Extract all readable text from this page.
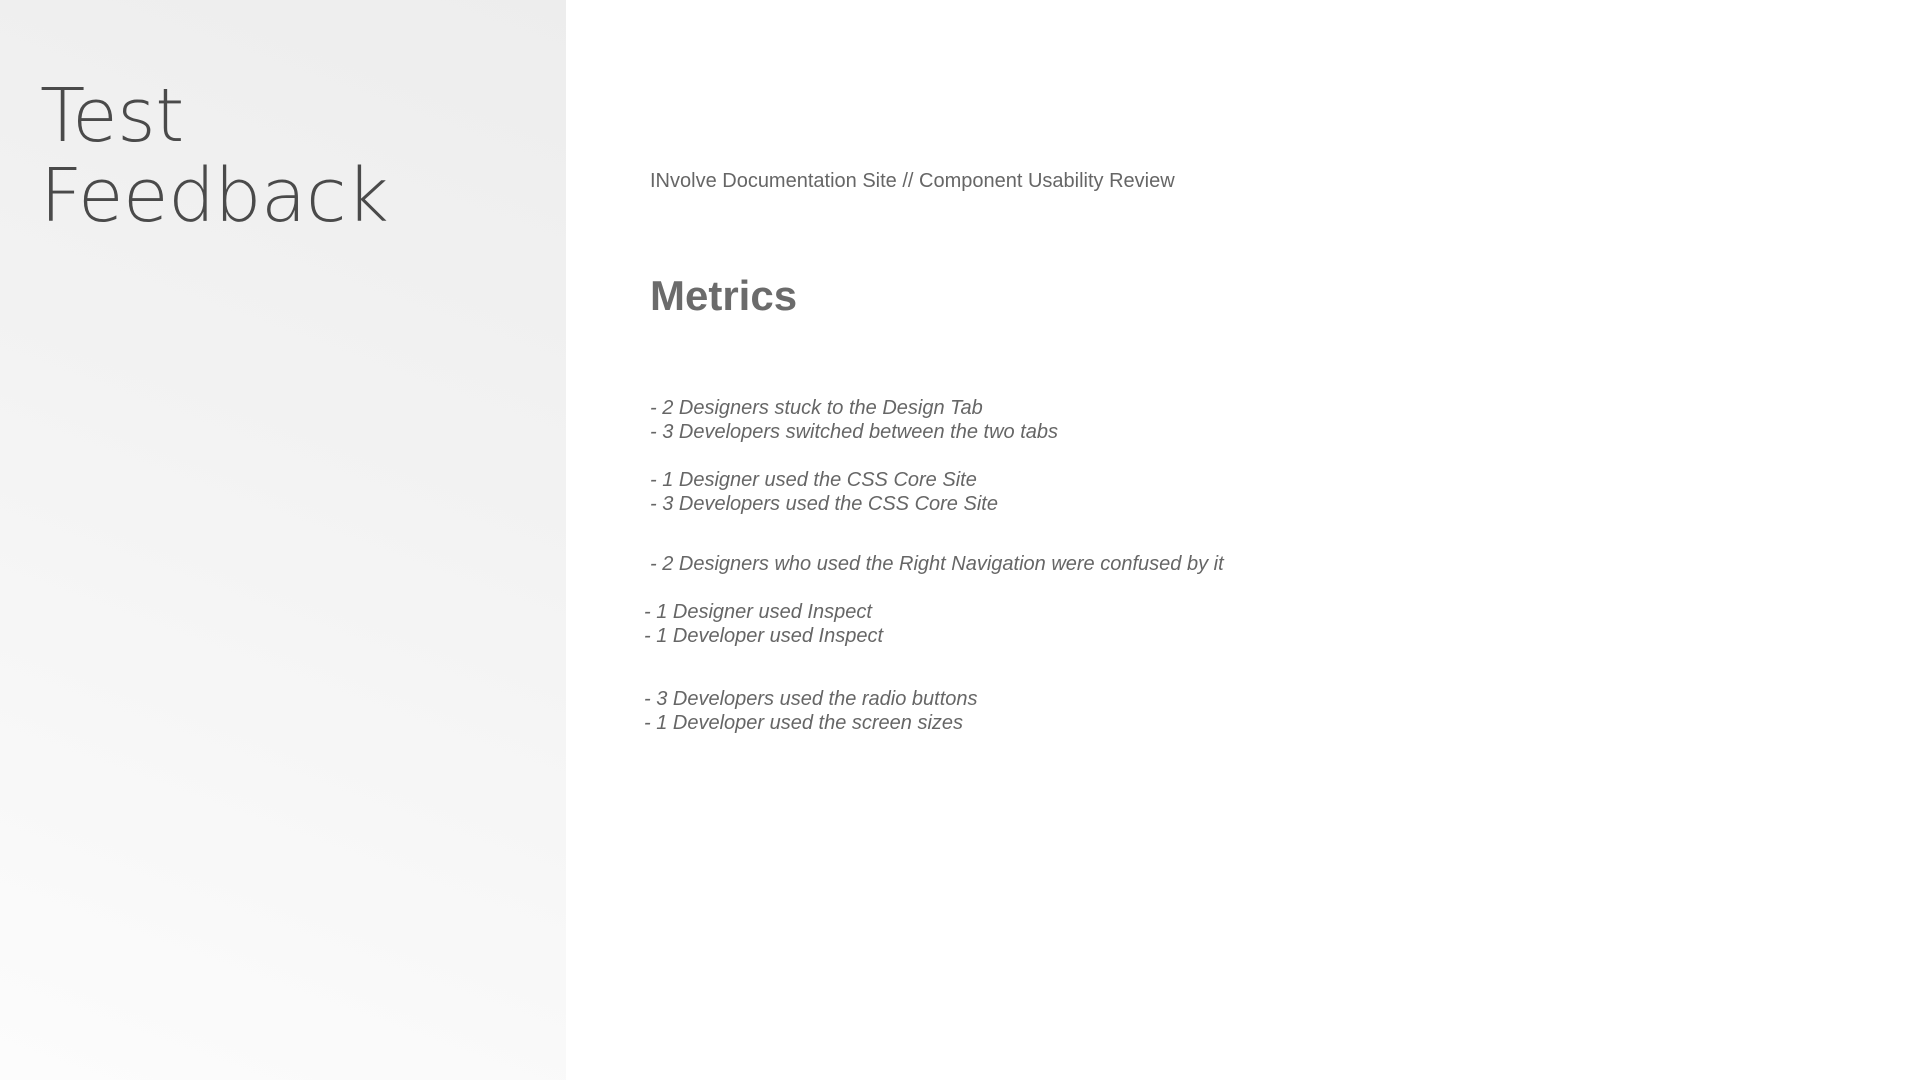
Test
Feedback	INvolve Documentation Site // Component Usability Review
Metrics
- 2 Designers stuck to the Design Tab
- 3 Developers switched between the two tabs
- 1 Designer used the CSS Core Site
- 3 Developers used the CSS Core Site
- 2 Designers who used the Right Navigation were confused by it
- 1 Designer used Inspect
- 1 Developer used Inspect
- 3 Developers used the radio buttons
- 1 Developer used the screen sizes
